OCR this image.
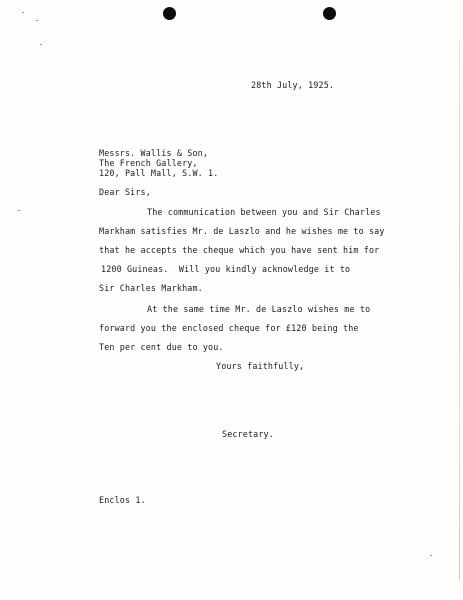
28th July, 1925.
Messrs. Wallis & Son,
The French Gallery,
120, Pall Mall, S.W. 1.
Dear Sirs,
The communication between you and Sir Charles
Markham satisfies Mr. de Laszlo and he wishes me to say
that he accepts the cheque which you have sent him for
1200 Guineas.  Will you kindly acknowledge it to
Sir Charles Markham.
At the same time Mr. de Laszlo wishes me to
forward you the enclosed cheque for £120 being the
Ten per cent due to you.
Yours faithfully,
Secretary.
Enclos 1.
